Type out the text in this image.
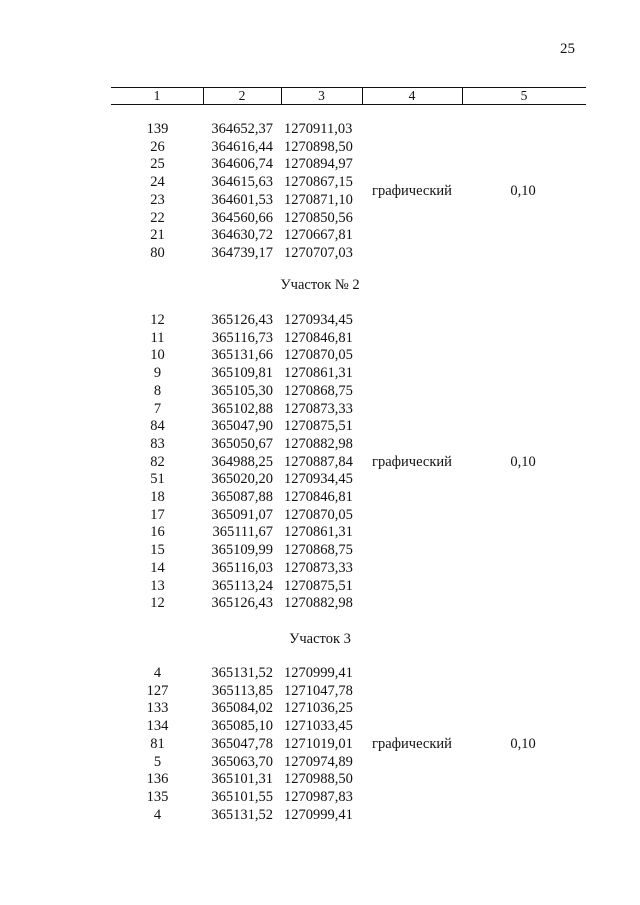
25
1	2	3	4	5
139	364652,37 1270911,03
26	364616,44 1270898,50
25	364606,74 1270894,97
24	364615,63 1270867,15
23	364601,53 1270871,10
22	364560,66 1270850,56
21	364630,72 1270667,81
80	364739,17 1270707,03
графический	0,10
Участок № 2
12	365126,43 1270934,45
11	365116,73 1270846,81
10	365131,66 1270870,05
9	365109,81 1270861,31
8	365105,30 1270868,75
7	365102,88 1270873,33
84	365047,90 1270875,51
83	365050,67 1270882,98
82	364988,25 1270887,84
51	365020,20 1270934,45
18	365087,88 1270846,81
17	365091,07 1270870,05
16	365111,67 1270861,31
15	365109,99 1270868,75
14	365116,03 1270873,33
13	365113,24 1270875,51
12	365126,43 1270882,98
графический	0,10
Участок 3
4	365131,52 1270999,41
127	365113,85 1271047,78
133	365084,02 1271036,25
134	365085,10 1271033,45
81	365047,78 1271019,01
5	365063,70 1270974,89
136	365101,31 1270988,50
135	365101,55 1270987,83
4	365131,52 1270999,41
графический	0,10
